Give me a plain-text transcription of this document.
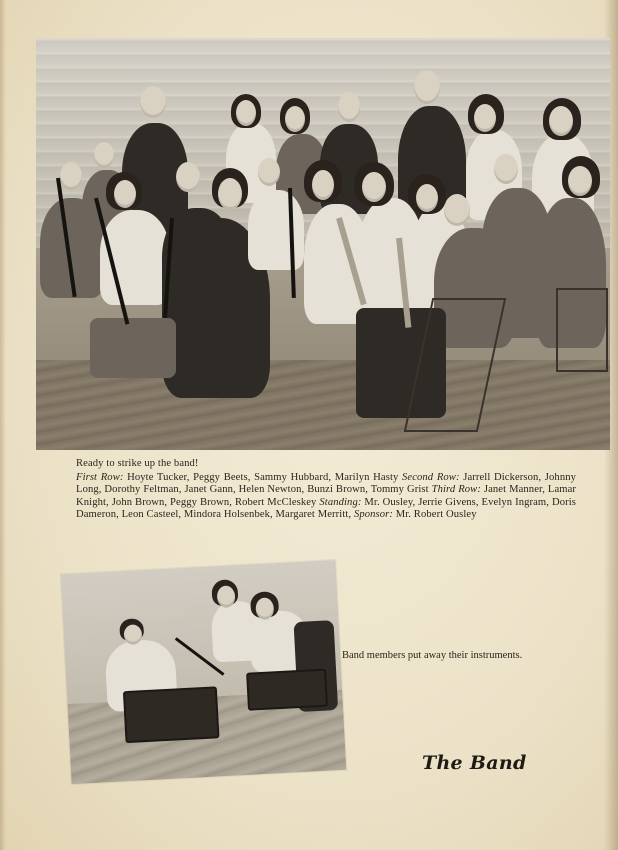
Ready to strike up the band!
First Row: Hoyte Tucker, Peggy Beets, Sammy Hubbard, Marilyn Hasty Second Row: Jarrell Dickerson, Johnny Long, Dorothy Feltman, Janet Gann, Helen Newton, Bunzi Brown, Tommy Grist Third Row: Janet Manner, Lamar Knight, John Brown, Peggy Brown, Robert McCleskey Standing: Mr. Ousley, Jerrie Givens, Evelyn Ingram, Doris Dameron, Leon Casteel, Mindora Holsenbek, Margaret Merritt, Sponsor: Mr. Robert Ousley
Band members put away their instruments.
The Band
